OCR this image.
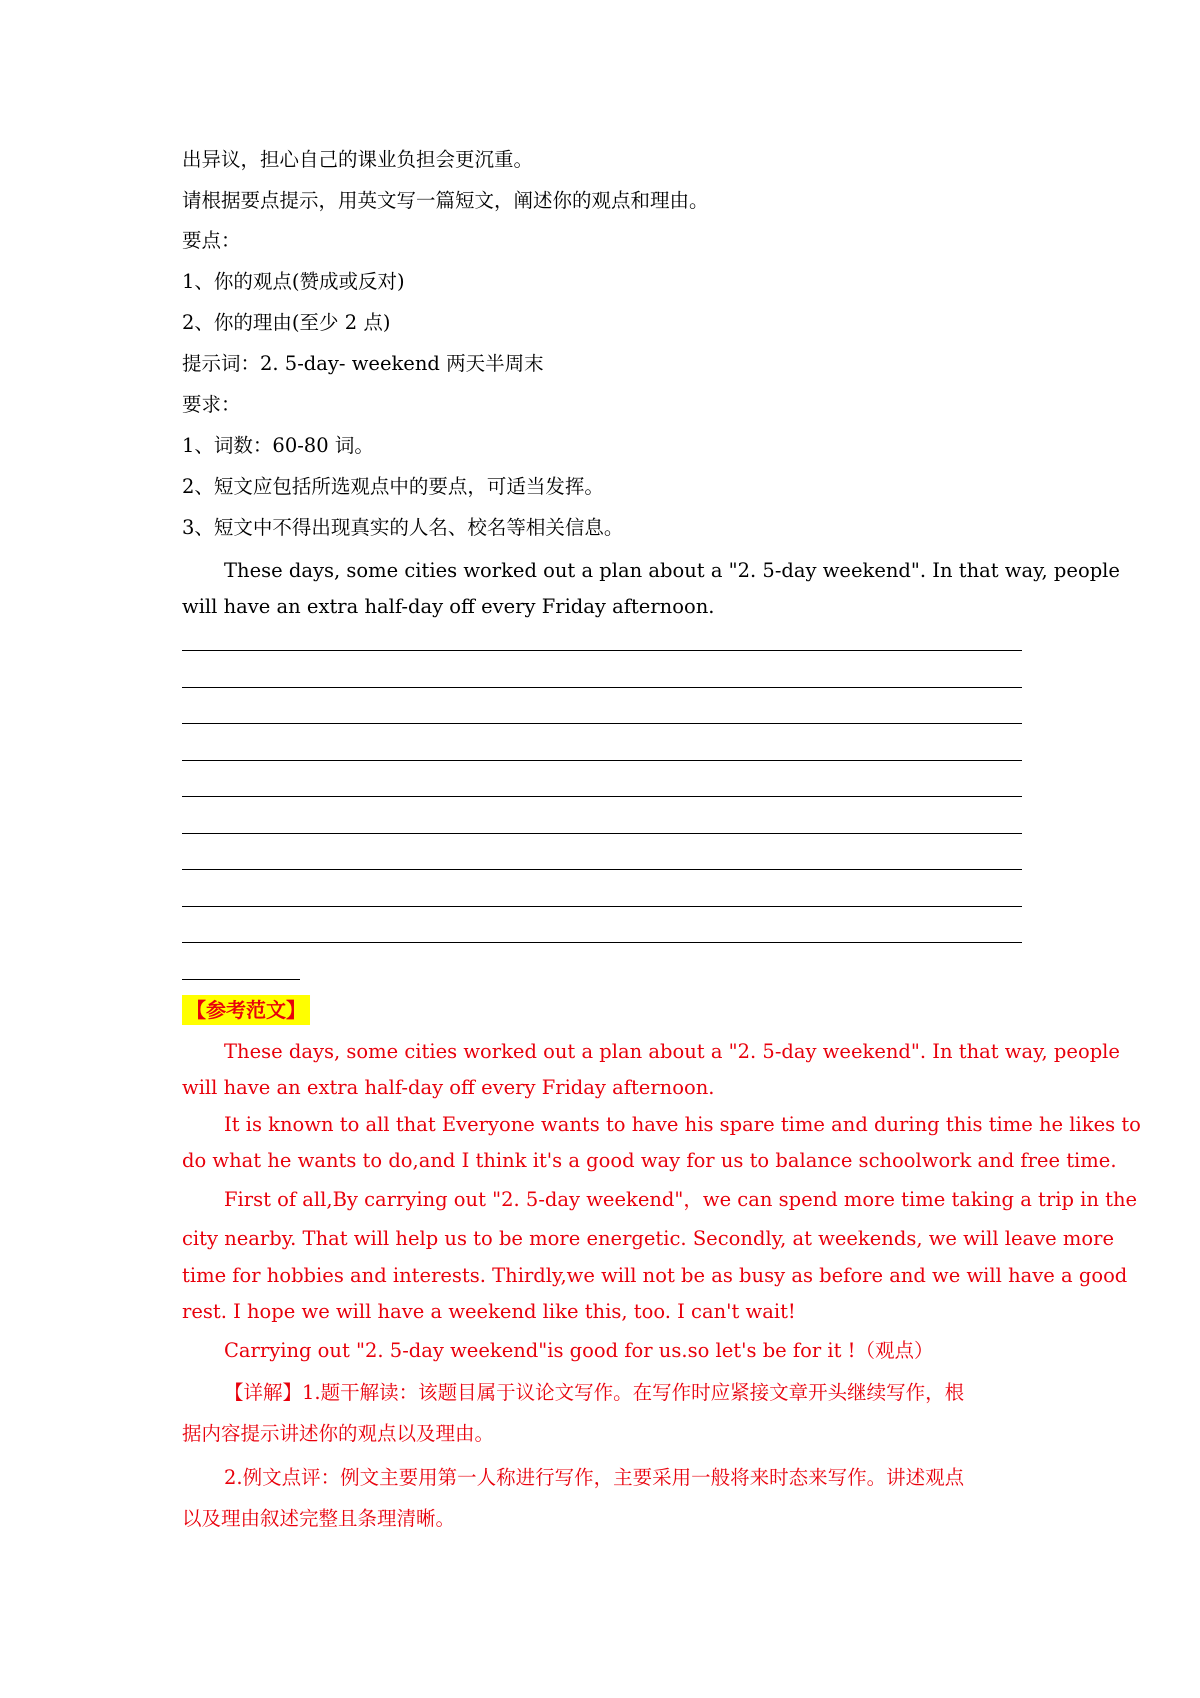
出异议，担心自己的课业负担会更沉重。
请根据要点提示，用英文写一篇短文，阐述你的观点和理由。
要点：
1、你的观点(赞成或反对)
2、你的理由(至少 2 点)
提示词：2. 5-day- weekend 两天半周末
要求：
1、词数：60-80 词。
2、短文应包括所选观点中的要点，可适当发挥。
3、短文中不得出现真实的人名、校名等相关信息。
These days, some cities worked out a plan about a "2. 5-day weekend". In that way, people
will have an extra half-day off every Friday afternoon.
【参考范文】
These days, some cities worked out a plan about a "2. 5-day weekend". In that way, people
will have an extra half-day off every Friday afternoon.
It is known to all that Everyone wants to have his spare time and during this time he likes to
do what he wants to do,and I think it's a good way for us to balance schoolwork and free time.
First of all,By carrying out "2. 5-day weekend"，we can spend more time taking a trip in the
city nearby. That will help us to be more energetic. Secondly, at weekends, we will leave more
time for hobbies and interests. Thirdly,we will not be as busy as before and we will have a good
rest. I hope we will have a weekend like this, too. I can't wait!
Carrying out "2. 5-day weekend"is good for us.so let's be for it !（观点）
【详解】1.题干解读：该题目属于议论文写作。在写作时应紧接文章开头继续写作，根
据内容提示讲述你的观点以及理由。
2.例文点评：例文主要用第一人称进行写作，主要采用一般将来时态来写作。讲述观点
以及理由叙述完整且条理清晰。
